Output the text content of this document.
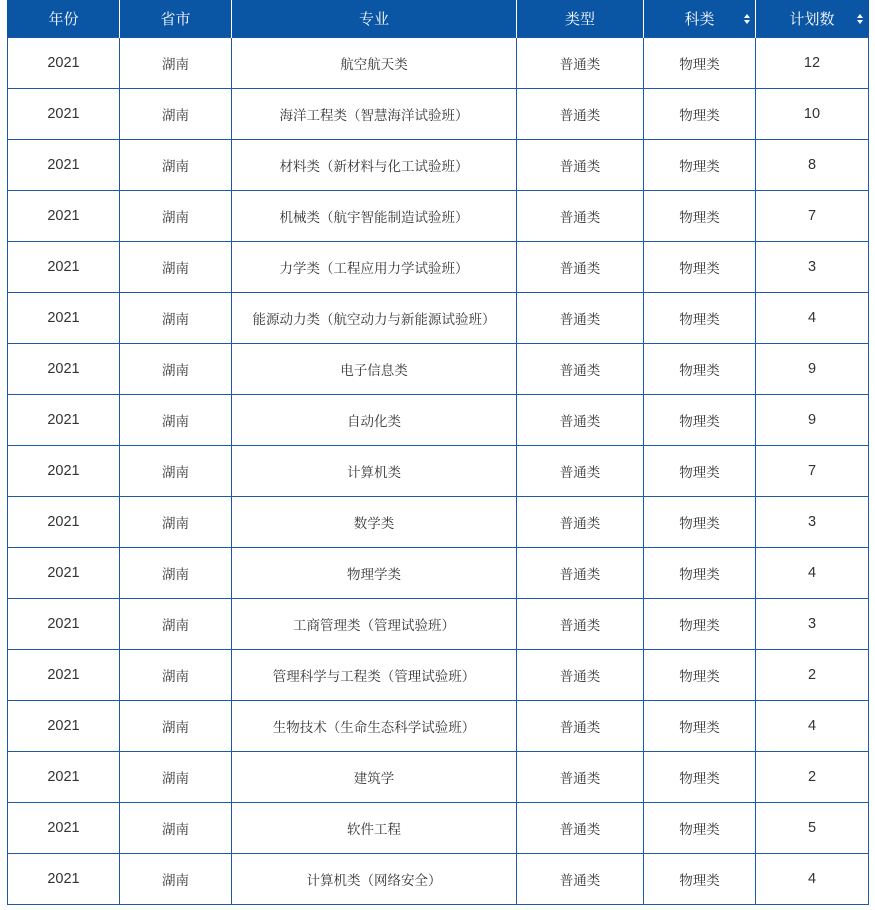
年份	省市	专业	类型	科类	计划数

2021	湖南	航空航天类	普通类	物理类	12
2021	湖南	海洋工程类（智慧海洋试验班）	普通类	物理类	10
2021	湖南	材料类（新材料与化工试验班）	普通类	物理类	8
2021	湖南	机械类（航宇智能制造试验班）	普通类	物理类	7
2021	湖南	力学类（工程应用力学试验班）	普通类	物理类	3
2021	湖南	能源动力类（航空动力与新能源试验班）	普通类	物理类	4
2021	湖南	电子信息类	普通类	物理类	9
2021	湖南	自动化类	普通类	物理类	9
2021	湖南	计算机类	普通类	物理类	7
2021	湖南	数学类	普通类	物理类	3
2021	湖南	物理学类	普通类	物理类	4
2021	湖南	工商管理类（管理试验班）	普通类	物理类	3
2021	湖南	管理科学与工程类（管理试验班）	普通类	物理类	2
2021	湖南	生物技术（生命生态科学试验班）	普通类	物理类	4
2021	湖南	建筑学	普通类	物理类	2
2021	湖南	软件工程	普通类	物理类	5
2021	湖南	计算机类（网络安全）	普通类	物理类	4
